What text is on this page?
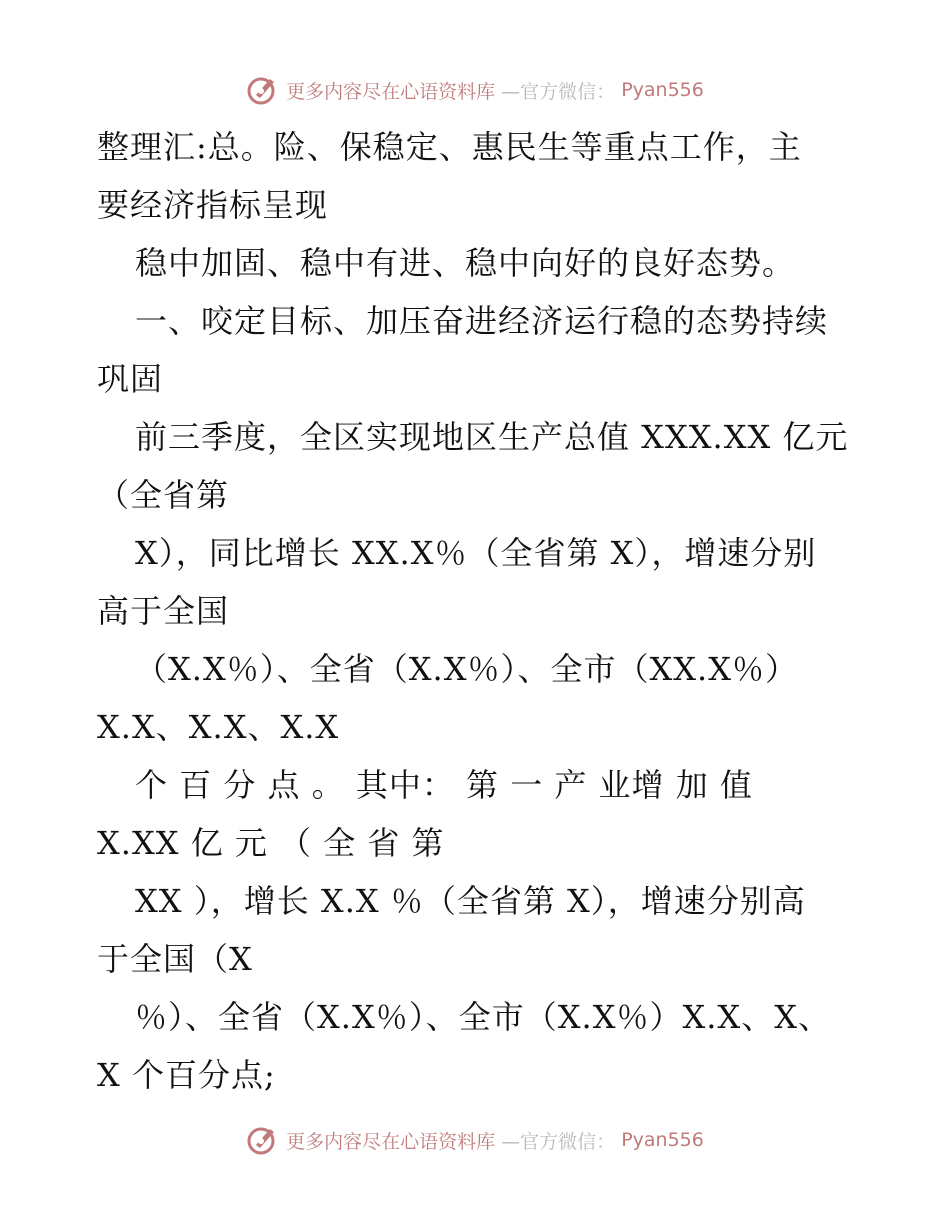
更多内容尽在心语资料库 —官方微信： Pyan556
整理汇:总。险、保稳定、惠民生等重点工作，主
要经济指标呈现
稳中加固、稳中有进、稳中向好的良好态势。
一、咬定目标、加压奋进经济运行稳的态势持续
巩固
前三季度，全区实现地区生产总值 XXX.XX 亿元
（全省第
X），同比增长 XX.X％（全省第 X），增速分别
高于全国
（X.X％）、全省（X.X％）、全市（XX.X％）
X.X、X.X、X.X
个 百 分 点 。 其中： 第 一 产 业增 加 值
X.XX 亿 元 （ 全 省 第
XX ），增长 X.X ％（全省第 X），增速分别高
于全国（X
％）、全省（X.X％）、全市（X.X％）X.X、X、
X 个百分点;
更多内容尽在心语资料库 —官方微信： Pyan556
